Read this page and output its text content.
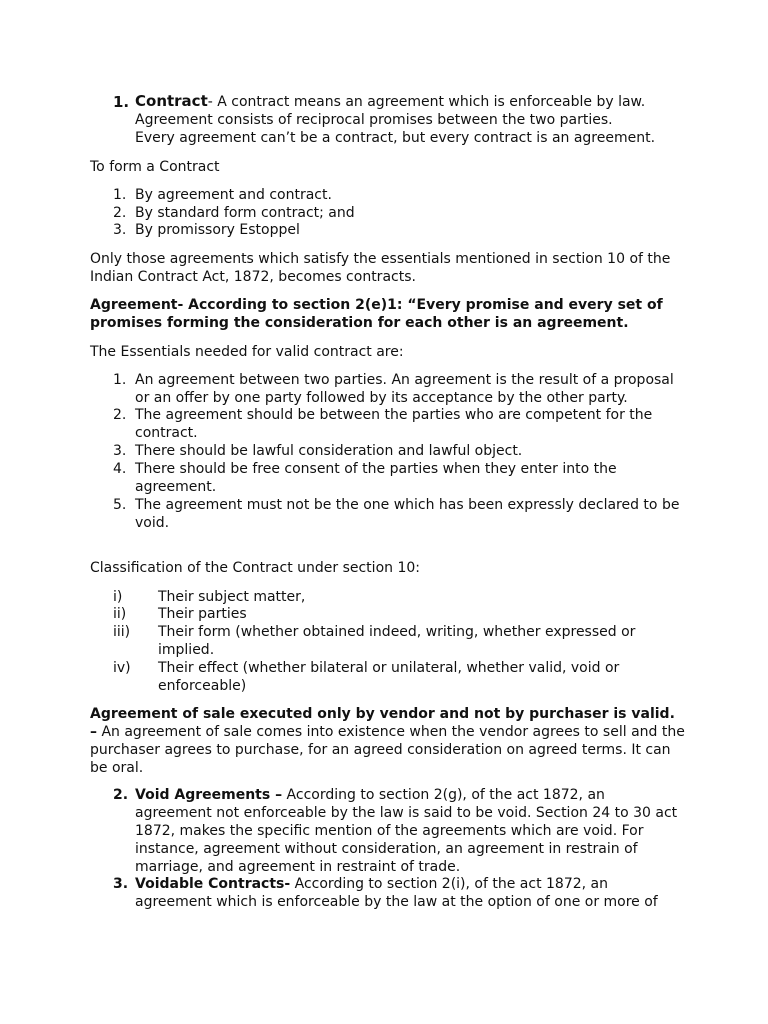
1. Contract- A contract means an agreement which is enforceable by law.
Agreement consists of reciprocal promises between the two parties.
Every agreement can’t be a contract, but every contract is an agreement.

To form a Contract

1. By agreement and contract.
2. By standard form contract; and
3. By promissory Estoppel
Only those agreements which satisfy the essentials mentioned in section 10 of the
Indian Contract Act, 1872, becomes contracts.
Agreement- According to section 2(e)1: “Every promise and every set of
promises forming the consideration for each other is an agreement.

The Essentials needed for valid contract are:

1. An agreement between two parties. An agreement is the result of a proposal
or an offer by one party followed by its acceptance by the other party.
2. The agreement should be between the parties who are competent for the
contract.
3. There should be lawful consideration and lawful object.
4. There should be free consent of the parties when they enter into the
agreement.
5. The agreement must not be the one which has been expressly declared to be
void.

Classification of the Contract under section 10:

i)	Their subject matter,
ii) Their parties
iii) Their form (whether obtained indeed, writing, whether expressed or
implied.
iv) Their effect (whether bilateral or unilateral, whether valid, void or
enforceable)
Agreement of sale executed only by vendor and not by purchaser is valid.
– An agreement of sale comes into existence when the vendor agrees to sell and the
purchaser agrees to purchase, for an agreed consideration on agreed terms. It can
be oral.
2. Void Agreements – According to section 2(g), of the act 1872, an
agreement not enforceable by the law is said to be void. Section 24 to 30 act
1872, makes the specific mention of the agreements which are void. For
instance, agreement without consideration, an agreement in restrain of
marriage, and agreement in restraint of trade.
3. Voidable Contracts- According to section 2(i), of the act 1872, an
agreement which is enforceable by the law at the option of one or more of
